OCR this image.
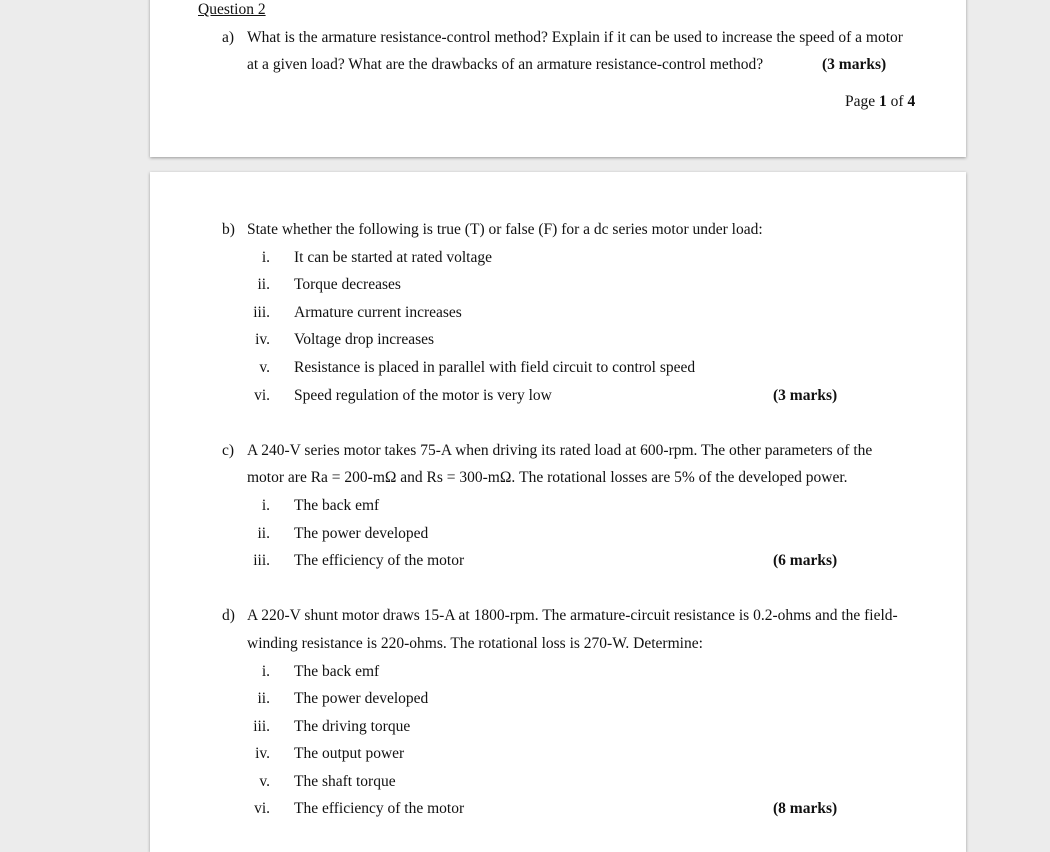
Question 2
a) What is the armature resistance-control method? Explain if it can be used to increase the speed of a motor
at a given load? What are the drawbacks of an armature resistance-control method?	(3 marks)
Page 1 of 4
b) State whether the following is true (T) or false (F) for a dc series motor under load:
i. It can be started at rated voltage
ii. Torque decreases
iii. Armature current increases
iv. Voltage drop increases
v. Resistance is placed in parallel with field circuit to control speed
vi. Speed regulation of the motor is very low	(3 marks)
c) A 240-V series motor takes 75-A when driving its rated load at 600-rpm. The other parameters of the
motor are Ra = 200-mΩ and Rs = 300-mΩ. The rotational losses are 5% of the developed power.
i. The back emf
ii. The power developed
iii. The efficiency of the motor	(6 marks)
d) A 220-V shunt motor draws 15-A at 1800-rpm. The armature-circuit resistance is 0.2-ohms and the field-
winding resistance is 220-ohms. The rotational loss is 270-W. Determine:
i. The back emf
ii. The power developed
iii. The driving torque
iv. The output power
v. The shaft torque
vi. The efficiency of the motor	(8 marks)
